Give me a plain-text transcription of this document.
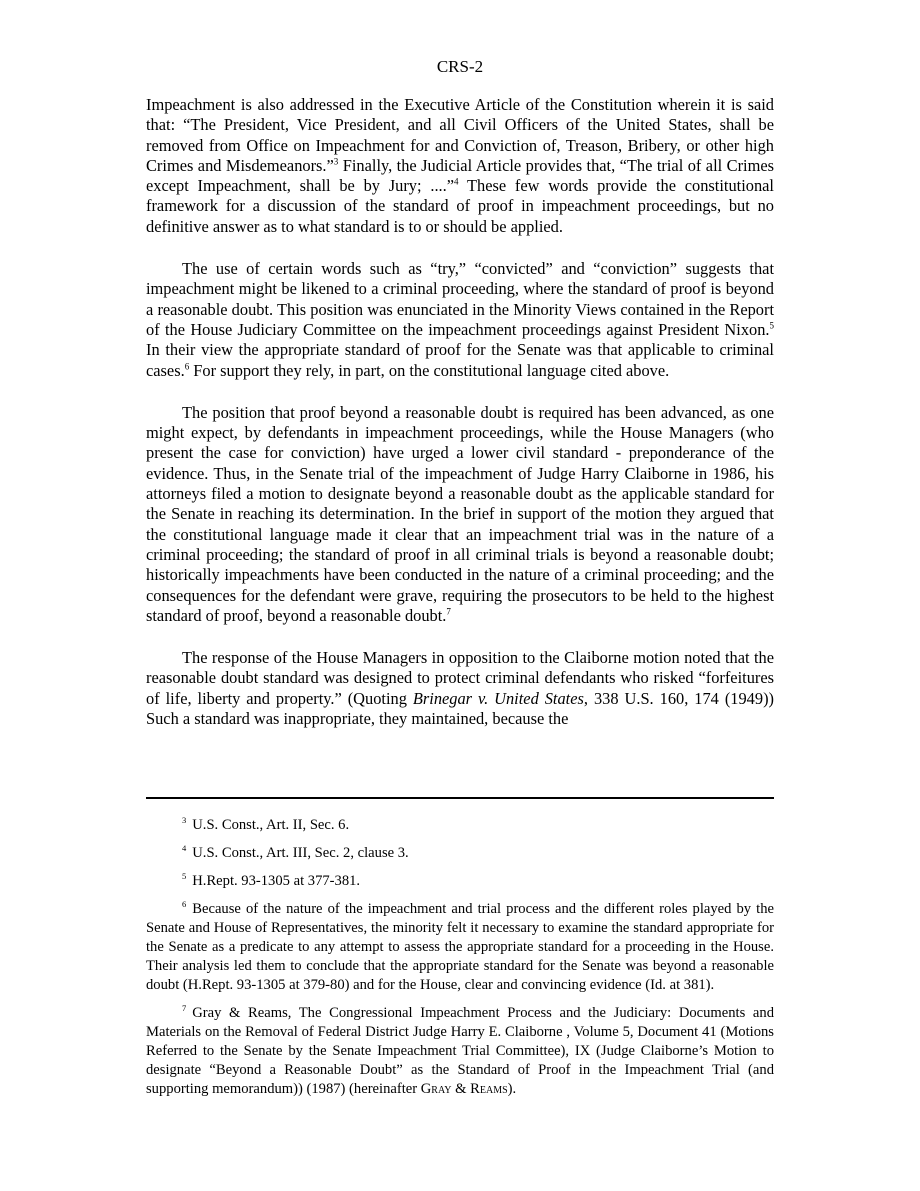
CRS-2

Impeachment is also addressed in the Executive Article of the Constitution wherein it is said that: “The President, Vice President, and all Civil Officers of the United States, shall be removed from Office on Impeachment for and Conviction of, Treason, Bribery, or other high Crimes and Misdemeanors.”$^3$ Finally, the Judicial Article provides that, “The trial of all Crimes except Impeachment, shall be by Jury; ....”$^4$ These few words provide the constitutional framework for a discussion of the standard of proof in impeachment proceedings, but no definitive answer as to what standard is to or should be applied.

The use of certain words such as “try,” “convicted” and “conviction” suggests that impeachment might be likened to a criminal proceeding, where the standard of proof is beyond a reasonable doubt. This position was enunciated in the Minority Views contained in the Report of the House Judiciary Committee on the impeachment proceedings against President Nixon.$^5$ In their view the appropriate standard of proof for the Senate was that applicable to criminal cases.$^6$ For support they rely, in part, on the constitutional language cited above.

The position that proof beyond a reasonable doubt is required has been advanced, as one might expect, by defendants in impeachment proceedings, while the House Managers (who present the case for conviction) have urged a lower civil standard - preponderance of the evidence. Thus, in the Senate trial of the impeachment of Judge Harry Claiborne in 1986, his attorneys filed a motion to designate beyond a reasonable doubt as the applicable standard for the Senate in reaching its determination. In the brief in support of the motion they argued that the constitutional language made it clear that an impeachment trial was in the nature of a criminal proceeding; the standard of proof in all criminal trials is beyond a reasonable doubt; historically impeachments have been conducted in the nature of a criminal proceeding; and the consequences for the defendant were grave, requiring the prosecutors to be held to the highest standard of proof, beyond a reasonable doubt.$^7$

The response of the House Managers in opposition to the Claiborne motion noted that the reasonable doubt standard was designed to protect criminal defendants who risked “forfeitures of life, liberty and property.” (Quoting Brinegar v. United States, 338 U.S. 160, 174 (1949)) Such a standard was inappropriate, they maintained, because the

$^3$ U.S. Const., Art. II, Sec. 6.
$^4$ U.S. Const., Art. III, Sec. 2, clause 3.
$^5$ H.Rept. 93-1305 at 377-381.
$^6$ Because of the nature of the impeachment and trial process and the different roles played by the Senate and House of Representatives, the minority felt it necessary to examine the standard appropriate for the Senate as a predicate to any attempt to assess the appropriate standard for a proceeding in the House. Their analysis led them to conclude that the appropriate standard for the Senate was beyond a reasonable doubt (H.Rept. 93-1305 at 379-80) and for the House, clear and convincing evidence (Id. at 381).
$^7$ Gray & Reams, The Congressional Impeachment Process and the Judiciary: Documents and Materials on the Removal of Federal District Judge Harry E. Claiborne , Volume 5, Document 41 (Motions Referred to the Senate by the Senate Impeachment Trial Committee), IX (Judge Claiborne’s Motion to designate “Beyond a Reasonable Doubt” as the Standard of Proof in the Impeachment Trial (and supporting memorandum)) (1987) (hereinafter Gray & Reams).
